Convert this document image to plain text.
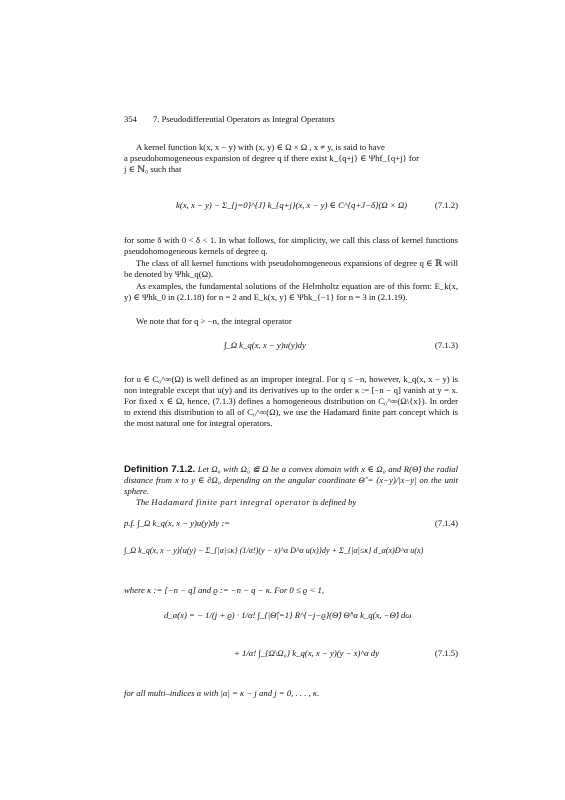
354 7. Pseudodifferential Operators as Integral Operators
A kernel function k(x, x − y) with (x, y) ∈ Ω × Ω , x ≠ y, is said to have
a pseudohomogeneous expansion of degree q if there exist k_{q+j} ∈ Ψhf_{q+j} for
j ∈ ℕ₀ such that
k(x, x − y) − Σ_{j=0}^{J} k_{q+j}(x, x − y) ∈ C^{q+J−δ}(Ω × Ω)	(7.1.2)
for some δ with 0 < δ < 1. In what follows, for simplicity, we call this class of kernel functions pseudohomogeneous kernels of degree q.
The class of all kernel functions with pseudohomogeneous expansions of degree q ∈ ℝ will be denoted by Ψhk_q(Ω).
As examples, the fundamental solutions of the Helmholtz equation are of this form: E_k(x, y) ∈ Ψhk_0 in (2.1.18) for n = 2 and E_k(x, y) ∈ Ψhk_{−1} for n = 3 in (2.1.19).
We note that for q > −n, the integral operator
∫_Ω k_q(x, x − y)u(y)dy	(7.1.3)
for u ∈ C₀^∞(Ω) is well defined as an improper integral. For q ≤ −n, however, k_q(x, x − y) is non integrable except that u(y) and its derivatives up to the order κ := [−n − q] vanish at y = x. For fixed x ∈ Ω, hence, (7.1.3) defines a homogeneous distribution on C₀^∞(Ω\{x}). In order to extend this distribution to all of C₀^∞(Ω), we use the Hadamard finite part concept which is the most natural one for integral operators.
Definition 7.1.2. Let Ω₀ with Ω₀ ⋐ Ω be a convex domain with x ∈ Ω₀ and R(Θ̂) the radial distance from x to y ∈ ∂Ω₀ depending on the angular coordinate Θ̂ = (x−y)/|x−y| on the unit sphere.
The Hadamard finite part integral operator is defined by
p.f. ∫_Ω k_q(x, x − y)u(y)dy :=	(7.1.4)
∫_Ω k_q(x, x − y){u(y) − Σ_{|α|≤κ} (1/α!)(y − x)^α D^α u(x)}dy + Σ_{|α|≤κ} d_α(x)D^α u(x)
where κ := [−n − q] and ϱ := −n − q − κ. For 0 ≤ ϱ < 1,
d_α(x) = − 1/(j + ϱ) · 1/α! ∫_{|Θ̂|=1} R^{−j−ϱ}(Θ̂) Θ̂^α k_q(x, −Θ̂) dω
+ 1/α! ∫_{Ω\Ω₀} k_q(x, x − y)(y − x)^α dy	(7.1.5)
for all multi–indices α with |α| = κ − j and j = 0, . . . , κ.
